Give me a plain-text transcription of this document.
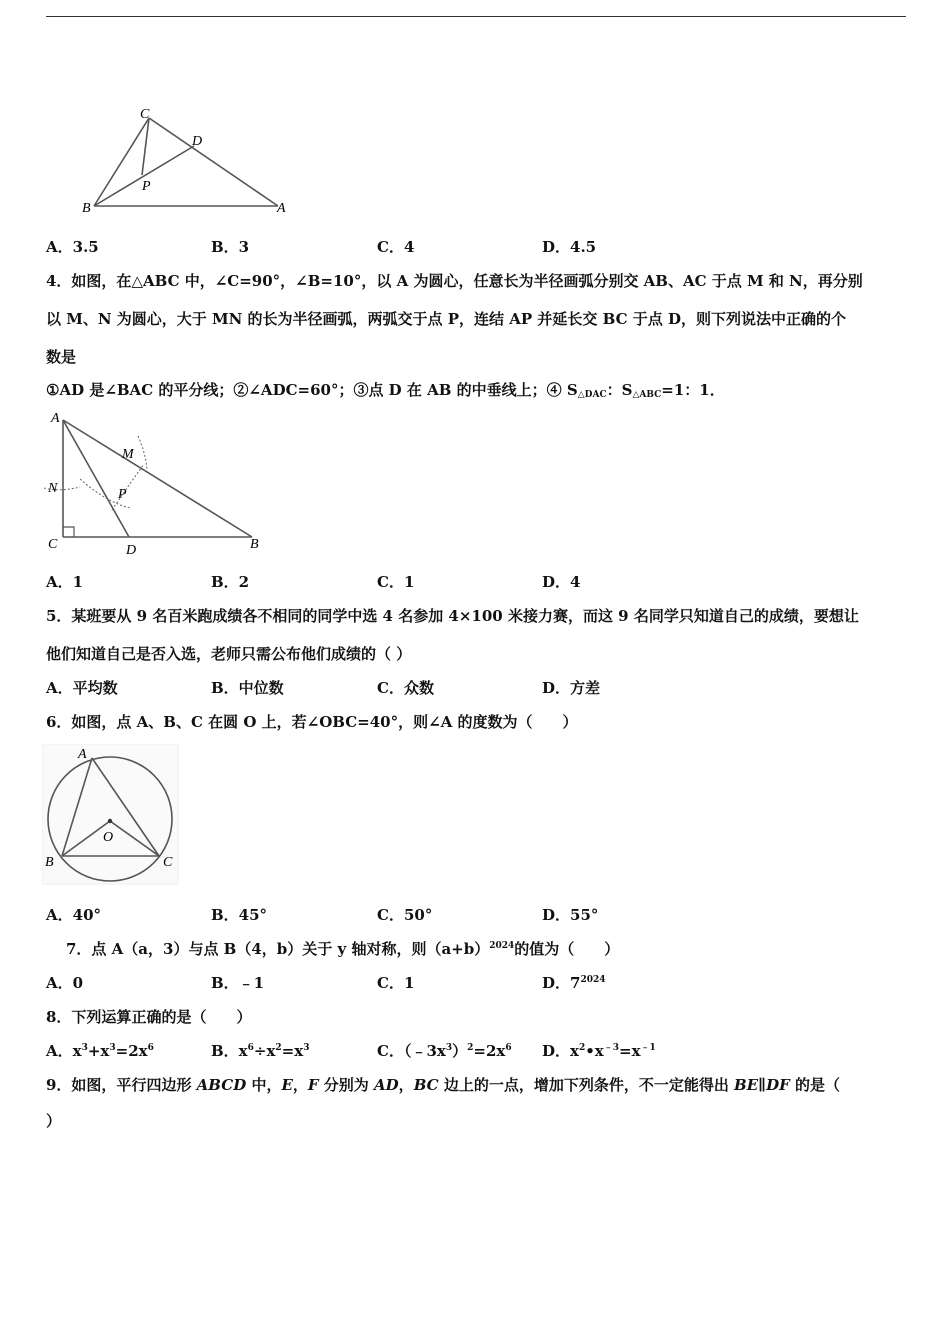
C
D
P
B	A
A．3.5	B．3	C．4	D．4.5
4．如图，在△ABC 中，∠C=90°，∠B=10°，以 A 为圆心，任意长为半径画弧分别交 AB、AC 于点 M 和 N，再分别
以 M、N 为圆心，大于 MN 的长为半径画弧，两弧交于点 P，连结 AP 并延长交 BC 于点 D，则下列说法中正确的个
数是
①AD 是∠BAC 的平分线；②∠ADC=60°；③点 D 在 AB 的中垂线上；④ $S_{\triangle DAC}$：$S_{\triangle ABC}=1$：1．
A
M
N	P
C	D	B
A．1	B．2	C．1	D．4
5．某班要从 9 名百米跑成绩各不相同的同学中选 4 名参加 4×100 米接力赛，而这 9 名同学只知道自己的成绩，要想让
他们知道自己是否入选，老师只需公布他们成绩的（ ）
A．平均数	B．中位数	C．众数	D．方差
6．如图，点 A、B、C 在圆 O 上，若∠OBC=40°，则∠A 的度数为（　　）
A
O
B	C
A．40°	B．45°	C．50°	D．55°
7．点 A（a，3）与点 B（4，b）关于 y 轴对称，则$(a+b)^{2024}$的值为（　　）
A．0	B．﹣1	C．1	D．$7^{2024}$
8．下列运算正确的是（　　）
A．$x^3+x^3=2x^6$	B．$x^6\div x^2=x^3$	C．$(﹣3x^3)^2=2x^6$ D．$x^2•x^{﹣3}=x^{﹣1}$
9．如图，平行四边形 ABCD 中，E，F 分别为 AD，BC 边上的一点，增加下列条件，不一定能得出 BE∥DF 的是（
）
